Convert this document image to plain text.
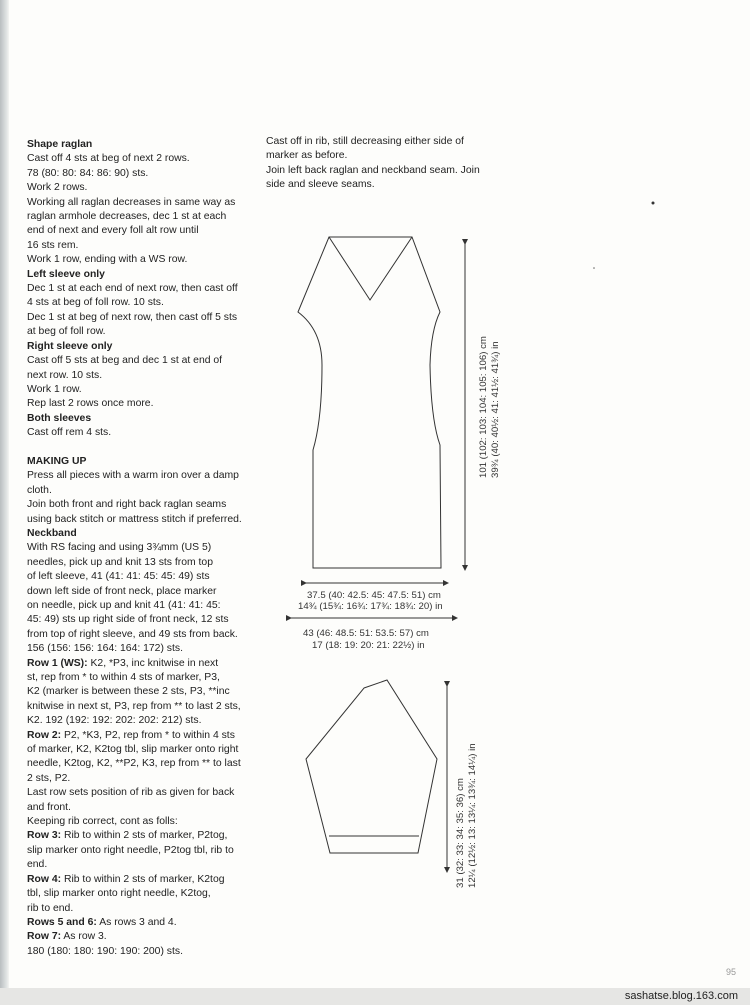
Shape raglan
Cast off 4 sts at beg of next 2 rows.
78 (80: 80: 84: 86: 90) sts.
Work 2 rows.
Working all raglan decreases in same way as
raglan armhole decreases, dec 1 st at each
end of next and every foll alt row until
16 sts rem.
Work 1 row, ending with a WS row.
Left sleeve only
Dec 1 st at each end of next row, then cast off
4 sts at beg of foll row. 10 sts.
Dec 1 st at beg of next row, then cast off 5 sts
at beg of foll row.
Right sleeve only
Cast off 5 sts at beg and dec 1 st at end of
next row. 10 sts.
Work 1 row.
Rep last 2 rows once more.
Both sleeves
Cast off rem 4 sts.
MAKING UP
Press all pieces with a warm iron over a damp
cloth.
Join both front and right back raglan seams
using back stitch or mattress stitch if preferred.
Neckband
With RS facing and using 3¾mm (US 5)
needles, pick up and knit 13 sts from top
of left sleeve, 41 (41: 41: 45: 45: 49) sts
down left side of front neck, place marker
on needle, pick up and knit 41 (41: 41: 45:
45: 49) sts up right side of front neck, 12 sts
from top of right sleeve, and 49 sts from back.
156 (156: 156: 164: 164: 172) sts.
Row 1 (WS): K2, *P3, inc knitwise in next
st, rep from * to within 4 sts of marker, P3,
K2 (marker is between these 2 sts, P3, **inc
knitwise in next st, P3, rep from ** to last 2 sts,
K2. 192 (192: 192: 202: 202: 212) sts.
Row 2: P2, *K3, P2, rep from * to within 4 sts
of marker, K2, K2tog tbl, slip marker onto right
needle, K2tog, K2, **P2, K3, rep from ** to last
2 sts, P2.
Last row sets position of rib as given for back
and front.
Keeping rib correct, cont as folls:
Row 3: Rib to within 2 sts of marker, P2tog,
slip marker onto right needle, P2tog tbl, rib to
end.
Row 4: Rib to within 2 sts of marker, K2tog
tbl, slip marker onto right needle, K2tog,
rib to end.
Rows 5 and 6: As rows 3 and 4.
Row 7: As row 3.
180 (180: 180: 190: 190: 200) sts.
Cast off in rib, still decreasing either side of
marker as before.
Join left back raglan and neckband seam. Join
side and sleeve seams.
101 (102: 103: 104: 105: 106) cm 39¾ (40: 40½: 41: 41½: 41¾) in
37.5 (40: 42.5: 45: 47.5: 51) cm
14¾ (15¾: 16¾: 17¾: 18¾: 20) in
43 (46: 48.5: 51: 53.5: 57) cm
17 (18: 19: 20: 21: 22½) in
31 (32: 33: 34: 35: 36) cm 12¼ (12½: 13: 13¼: 13¾: 14¼) in
95
sashatse.blog.163.com
